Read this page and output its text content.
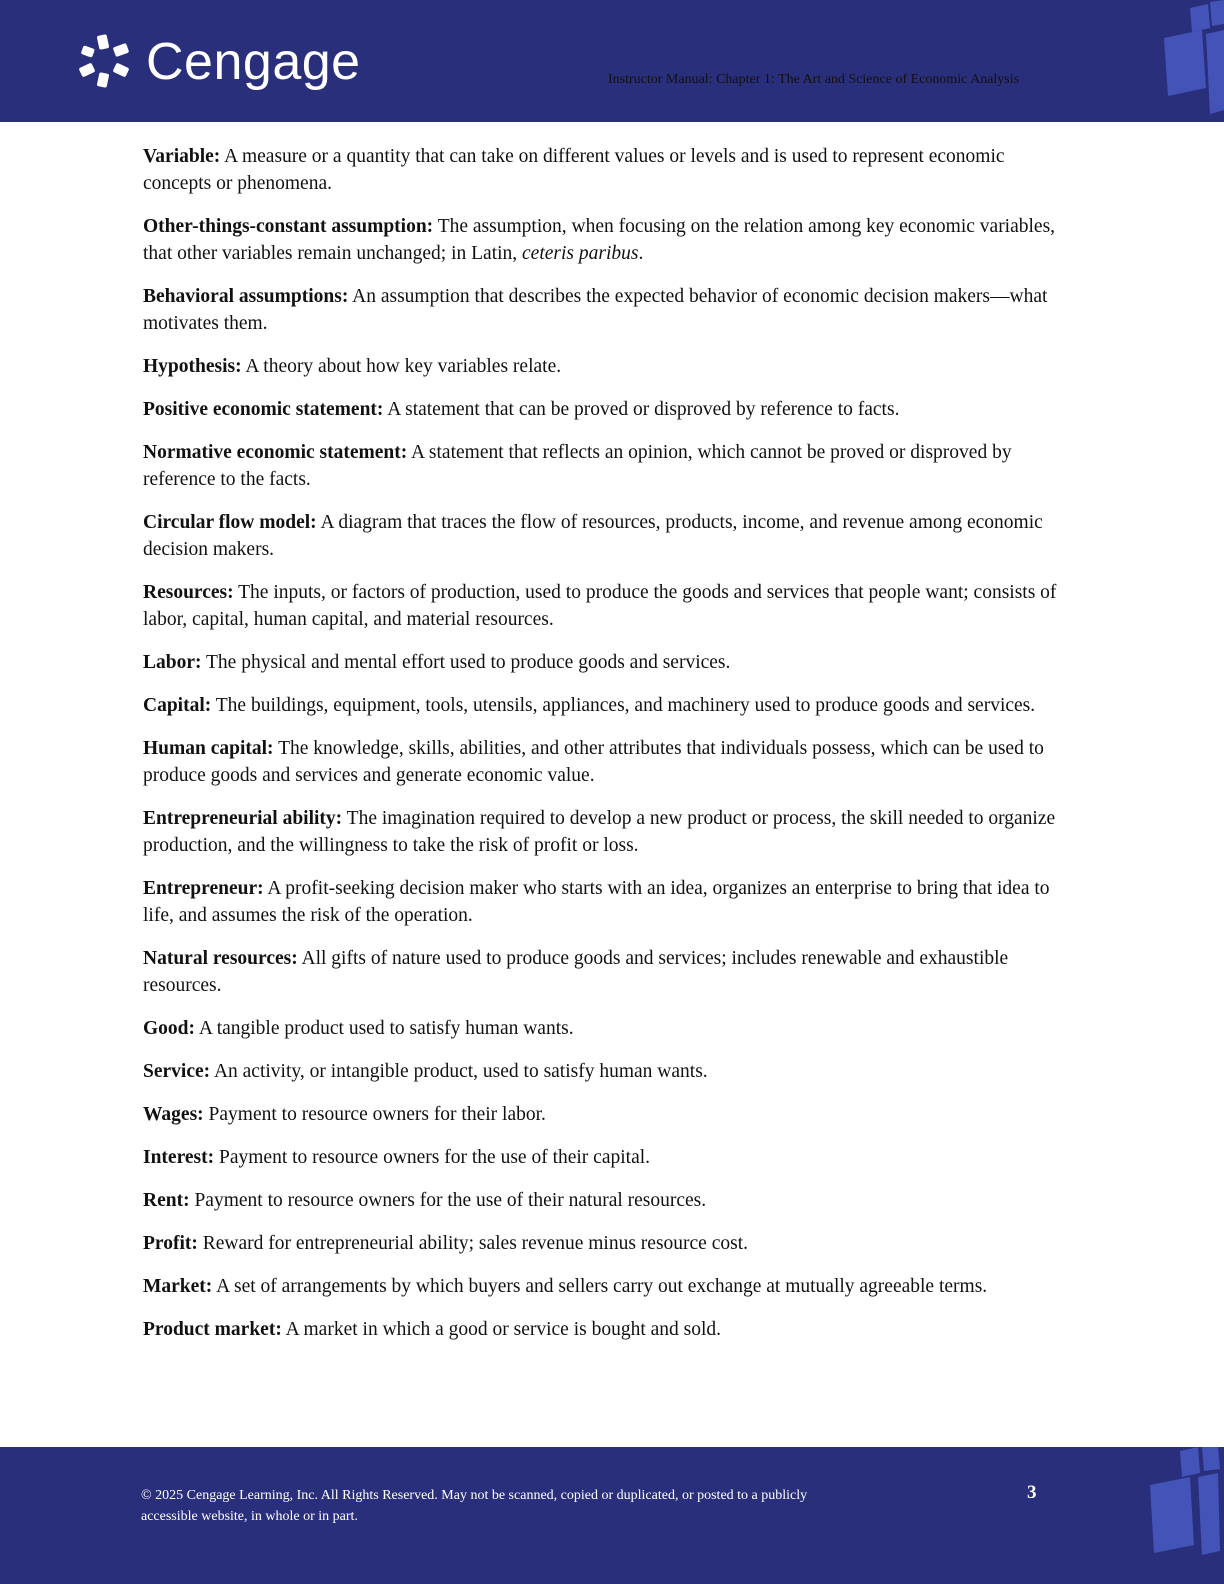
Cengage	Instructor Manual: Chapter 1: The Art and Science of Economic Analysis

Variable: A measure or a quantity that can take on different values or levels and is used to represent economic concepts or phenomena.

Other-things-constant assumption: The assumption, when focusing on the relation among key economic variables, that other variables remain unchanged; in Latin, ceteris paribus.

Behavioral assumptions: An assumption that describes the expected behavior of economic decision makers—what motivates them.

Hypothesis: A theory about how key variables relate.

Positive economic statement: A statement that can be proved or disproved by reference to facts.

Normative economic statement: A statement that reflects an opinion, which cannot be proved or disproved by reference to the facts.

Circular flow model: A diagram that traces the flow of resources, products, income, and revenue among economic decision makers.

Resources: The inputs, or factors of production, used to produce the goods and services that people want; consists of labor, capital, human capital, and material resources.

Labor: The physical and mental effort used to produce goods and services.

Capital: The buildings, equipment, tools, utensils, appliances, and machinery used to produce goods and services.

Human capital: The knowledge, skills, abilities, and other attributes that individuals possess, which can be used to produce goods and services and generate economic value.

Entrepreneurial ability: The imagination required to develop a new product or process, the skill needed to organize production, and the willingness to take the risk of profit or loss.

Entrepreneur: A profit-seeking decision maker who starts with an idea, organizes an enterprise to bring that idea to life, and assumes the risk of the operation.

Natural resources: All gifts of nature used to produce goods and services; includes renewable and exhaustible resources.

Good: A tangible product used to satisfy human wants.

Service: An activity, or intangible product, used to satisfy human wants.

Wages: Payment to resource owners for their labor.

Interest: Payment to resource owners for the use of their capital.

Rent: Payment to resource owners for the use of their natural resources.

Profit: Reward for entrepreneurial ability; sales revenue minus resource cost.

Market: A set of arrangements by which buyers and sellers carry out exchange at mutually agreeable terms.

Product market: A market in which a good or service is bought and sold.

© 2025 Cengage Learning, Inc. All Rights Reserved. May not be scanned, copied or duplicated, or posted to a publicly accessible website, in whole or in part.
3
